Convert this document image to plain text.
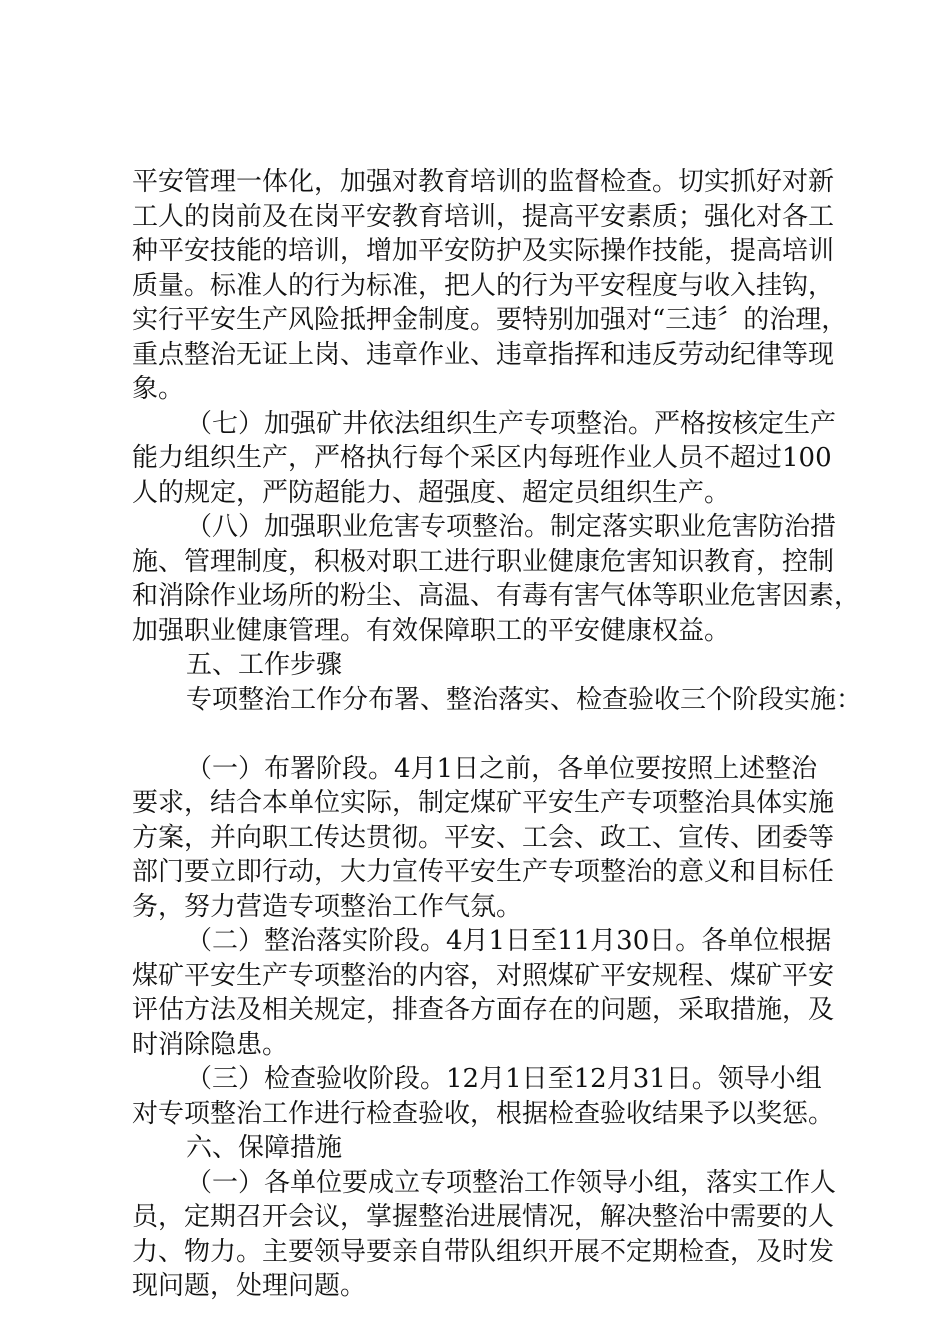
平安管理一体化，加强对教育培训的监督检查。切实抓好对新
工人的岗前及在岗平安教育培训，提高平安素质；强化对各工
种平安技能的培训，增加平安防护及实际操作技能，提高培训
质量。标准人的行为标准，把人的行为平安程度与收入挂钩，
实行平安生产风险抵押金制度。要特别加强对“三违〞的治理，
重点整治无证上岗、违章作业、违章指挥和违反劳动纪律等现
象。
（七）加强矿井依法组织生产专项整治。严格按核定生产
能力组织生产，严格执行每个采区内每班作业人员不超过100
人的规定，严防超能力、超强度、超定员组织生产。
（八）加强职业危害专项整治。制定落实职业危害防治措
施、管理制度，积极对职工进行职业健康危害知识教育，控制
和消除作业场所的粉尘、高温、有毒有害气体等职业危害因素，
加强职业健康管理。有效保障职工的平安健康权益。
五、工作步骤
专项整治工作分布署、整治落实、检查验收三个阶段实施：
（一）布署阶段。4月1日之前，各单位要按照上述整治
要求，结合本单位实际，制定煤矿平安生产专项整治具体实施
方案，并向职工传达贯彻。平安、工会、政工、宣传、团委等
部门要立即行动，大力宣传平安生产专项整治的意义和目标任
务，努力营造专项整治工作气氛。
（二）整治落实阶段。4月1日至11月30日。各单位根据
煤矿平安生产专项整治的内容，对照煤矿平安规程、煤矿平安
评估方法及相关规定，排查各方面存在的问题，采取措施，及
时消除隐患。
（三）检查验收阶段。12月1日至12月31日。领导小组
对专项整治工作进行检查验收，根据检查验收结果予以奖惩。
六、保障措施
（一）各单位要成立专项整治工作领导小组，落实工作人
员，定期召开会议，掌握整治进展情况，解决整治中需要的人
力、物力。主要领导要亲自带队组织开展不定期检查，及时发
现问题，处理问题。
